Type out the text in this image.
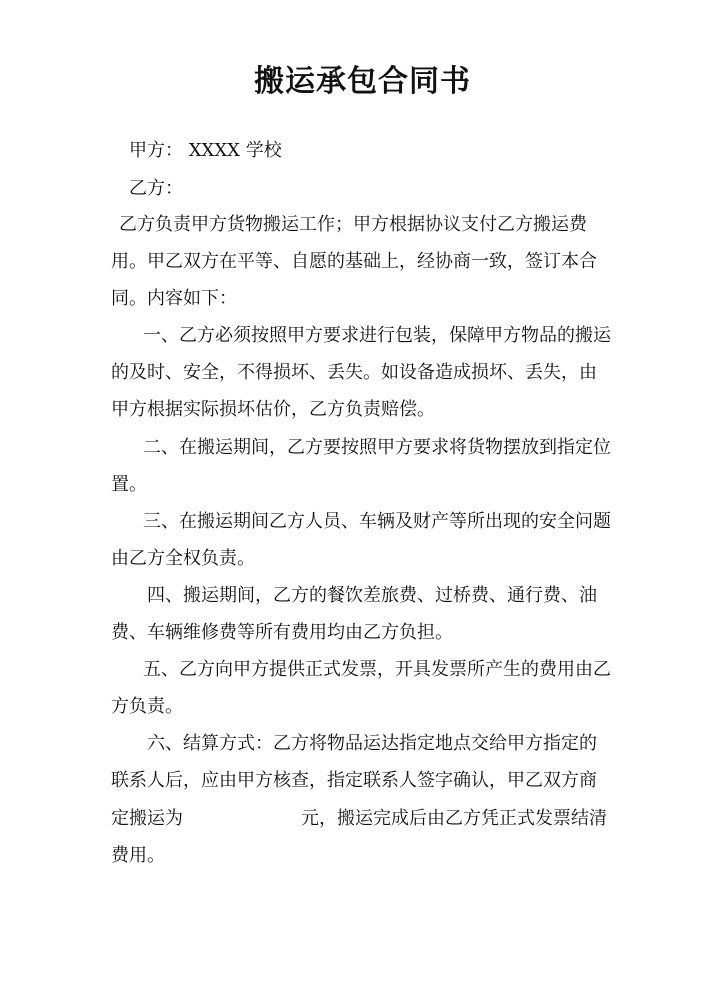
搬运承包合同书
甲方： XXXX 学校
乙方：
乙方负责甲方货物搬运工作；甲方根据协议支付乙方搬运费
用。甲乙双方在平等、自愿的基础上，经协商一致，签订本合
同。内容如下：
一、乙方必须按照甲方要求进行包装，保障甲方物品的搬运
的及时、安全，不得损坏、丢失。如设备造成损坏、丢失，由
甲方根据实际损坏估价，乙方负责赔偿。
二、在搬运期间，乙方要按照甲方要求将货物摆放到指定位
置。
三、在搬运期间乙方人员、车辆及财产等所出现的安全问题
由乙方全权负责。
四、搬运期间，乙方的餐饮差旅费、过桥费、通行费、油
费、车辆维修费等所有费用均由乙方负担。
五、乙方向甲方提供正式发票，开具发票所产生的费用由乙
方负责。
六、结算方式：乙方将物品运达指定地点交给甲方指定的
联系人后，应由甲方核查，指定联系人签字确认，甲乙双方商
定搬运为	元，搬运完成后由乙方凭正式发票结清
费用。
